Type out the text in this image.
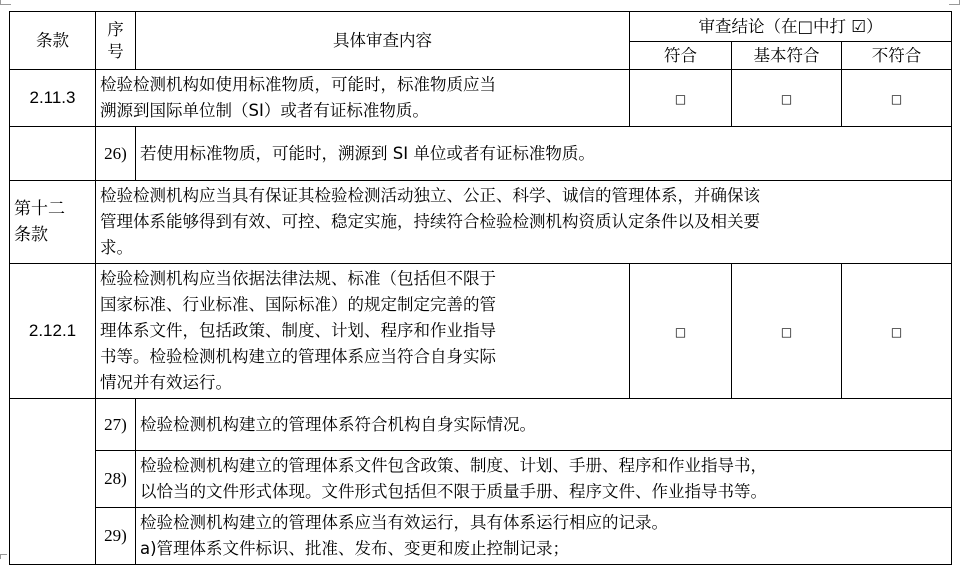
条款	序
号	具体审查内容	审查结论（在□中打 ☑）		
			符合	基本符合	不符合
2.11.3	检验检测机构如使用标准物质，可能时，标准物质应当
溯源到国际单位制（SI）或者有证标准物质。		□	□	□
	26)	若使用标准物质，可能时，溯源到 SI 单位或者有证标准物质。			

第十二
条款	检验检测机构应当具有保证其检验检测活动独立、公正、科学、诚信的管理体系，并确保该
管理体系能够得到有效、可控、稳定实施，持续符合检验检测机构资质认定条件以及相关要
求。				

2.12.1	检验检测机构应当依据法律法规、标准（包括但不限于
国家标准、行业标准、国际标准）的规定制定完善的管
理体系文件，包括政策、制度、计划、程序和作业指导
书等。检验检测机构建立的管理体系应当符合自身实际
情况并有效运行。		□	□	□
	27)	检验检测机构建立的管理体系符合机构自身实际情况。			
	28)	检验检测机构建立的管理体系文件包含政策、制度、计划、手册、程序和作业指导书，
以恰当的文件形式体现。文件形式包括但不限于质量手册、程序文件、作业指导书等。			

	29)	检验检测机构建立的管理体系应当有效运行，具有体系运行相应的记录。
a)管理体系文件标识、批准、发布、变更和废止控制记录；			
